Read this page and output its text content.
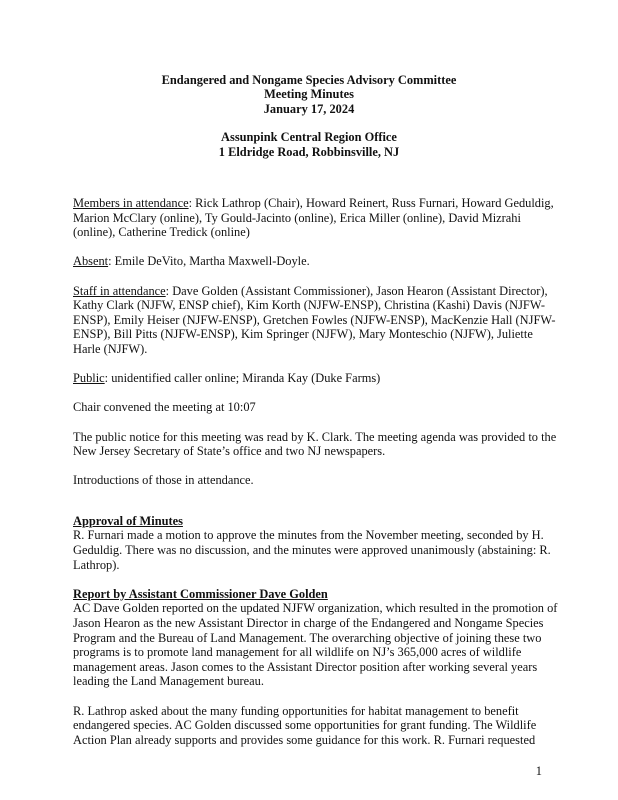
Endangered and Nongame Species Advisory Committee

Meeting Minutes

January 17, 2024

Assunpink Central Region Office

1 Eldridge Road, Robbinsville, NJ

Members in attendance: Rick Lathrop (Chair), Howard Reinert, Russ Furnari, Howard Geduldig, Marion McClary (online), Ty Gould-Jacinto (online), Erica Miller (online), David Mizrahi (online), Catherine Tredick (online)

Absent: Emile DeVito, Martha Maxwell-Doyle.

Staff in attendance: Dave Golden (Assistant Commissioner), Jason Hearon (Assistant Director), Kathy Clark (NJFW, ENSP chief), Kim Korth (NJFW-ENSP), Christina (Kashi) Davis (NJFW-ENSP), Emily Heiser (NJFW-ENSP), Gretchen Fowles (NJFW-ENSP), MacKenzie Hall (NJFW-ENSP), Bill Pitts (NJFW-ENSP), Kim Springer (NJFW), Mary Monteschio (NJFW), Juliette Harle (NJFW).

Public: unidentified caller online; Miranda Kay (Duke Farms)

Chair convened the meeting at 10:07

The public notice for this meeting was read by K. Clark. The meeting agenda was provided to the New Jersey Secretary of State’s office and two NJ newspapers.

Introductions of those in attendance.

Approval of Minutes

R. Furnari made a motion to approve the minutes from the November meeting, seconded by H. Geduldig. There was no discussion, and the minutes were approved unanimously (abstaining: R. Lathrop).

Report by Assistant Commissioner Dave Golden

AC Dave Golden reported on the updated NJFW organization, which resulted in the promotion of Jason Hearon as the new Assistant Director in charge of the Endangered and Nongame Species Program and the Bureau of Land Management. The overarching objective of joining these two programs is to promote land management for all wildlife on NJ’s 365,000 acres of wildlife management areas. Jason comes to the Assistant Director position after working several years leading the Land Management bureau.

R. Lathrop asked about the many funding opportunities for habitat management to benefit endangered species. AC Golden discussed some opportunities for grant funding. The Wildlife Action Plan already supports and provides some guidance for this work. R. Furnari requested

1
